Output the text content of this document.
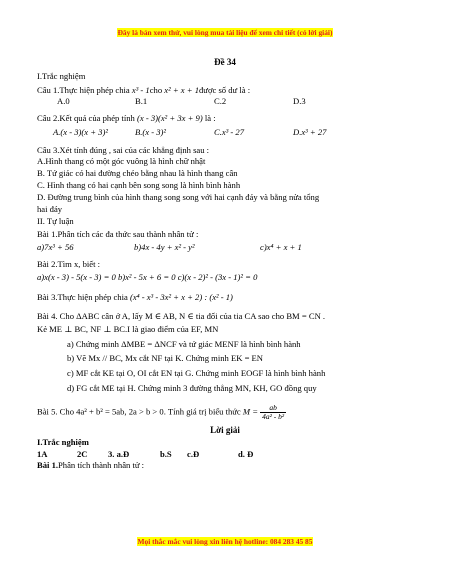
Đây là bản xem thử, vui lòng mua tài liệu để xem chi tiết (có lời giải)
Đề 34
I.Trắc nghiệm
Câu 1.Thực hiện phép chia x³ - 1cho x² + x + 1được số dư là :
A.0	B.1	C.2	D.3
Câu 2.Kết quả của phép tính (x - 3)(x² + 3x + 9) là :
A.(x - 3)(x + 3)²	B.(x - 3)²	C.x³ - 27	D.x³ + 27
Câu 3.Xét tính đúng , sai của các khẳng định sau :
A.Hình thang có một góc vuông là hình chữ nhật
B. Tứ giác có hai đường chéo bằng nhau là hình thang cân
C. Hình thang có hai cạnh bên song song là hình bình hành
D. Đường trung bình của hình thang song song với hai cạnh đáy và bằng nửa tổng
hai đáy
II. Tự luận
Bài 1.Phân tích các đa thức sau thành nhân tử :
a)7x³ + 56	b)4x - 4y + x² - y²	c)x⁴ + x + 1
Bài 2.Tìm x, biết :
a)x(x - 3) - 5(x - 3) = 0 b)x² - 5x + 6 = 0 c)(x - 2)² - (3x - 1)² = 0
Bài 3.Thực hiện phép chia (x⁴ - x³ - 3x² + x + 2) : (x² - 1)
Bài 4. Cho ΔABC cân ở A, lấy M ∈ AB, N ∈ tia đối của tia CA sao cho BM = CN .
Kẻ ME ⊥ BC, NF ⊥ BC.I là giao điểm của EF, MN
a) Chứng minh ΔMBE = ΔNCF và tứ giác MENF là hình bình hành
b) Vẽ Mx // BC, Mx cắt NF tại K. Chứng minh EK = EN
c) MF cắt KE tại O, OI cắt EN tại G. Chứng minh EOGF là hình bình hành
d) FG cắt ME tại H. Chứng minh 3 đường thẳng MN, KH, GO đồng quy
Bài 5. Cho 4a² + b² = 5ab, 2a > b > 0. Tính giá trị biểu thức $M = \frac{ab}{\text{4a² - b²}}$
Lời giải
I.Trắc nghiệm
1A	2C 3. a.Đ	b.S c.Đ	d. Đ
Bài 1.Phân tích thành nhân tử :
Mọi thắc mắc vui lòng xin liên hệ hotline: 084 283 45 85
